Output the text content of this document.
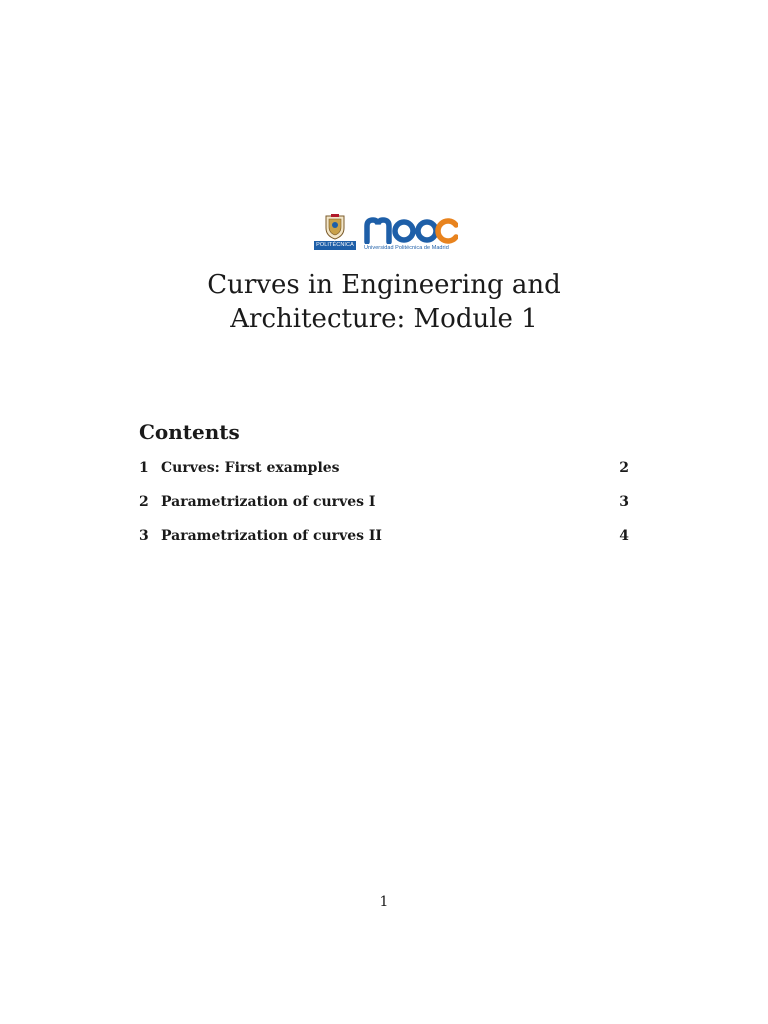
POLITÉCNICA	Universidad Politécnica de Madrid
Curves in Engineering and
Architecture: Module 1
Contents
1 Curves: First examples	2
2 Parametrization of curves I	3
3 Parametrization of curves II	4
1
